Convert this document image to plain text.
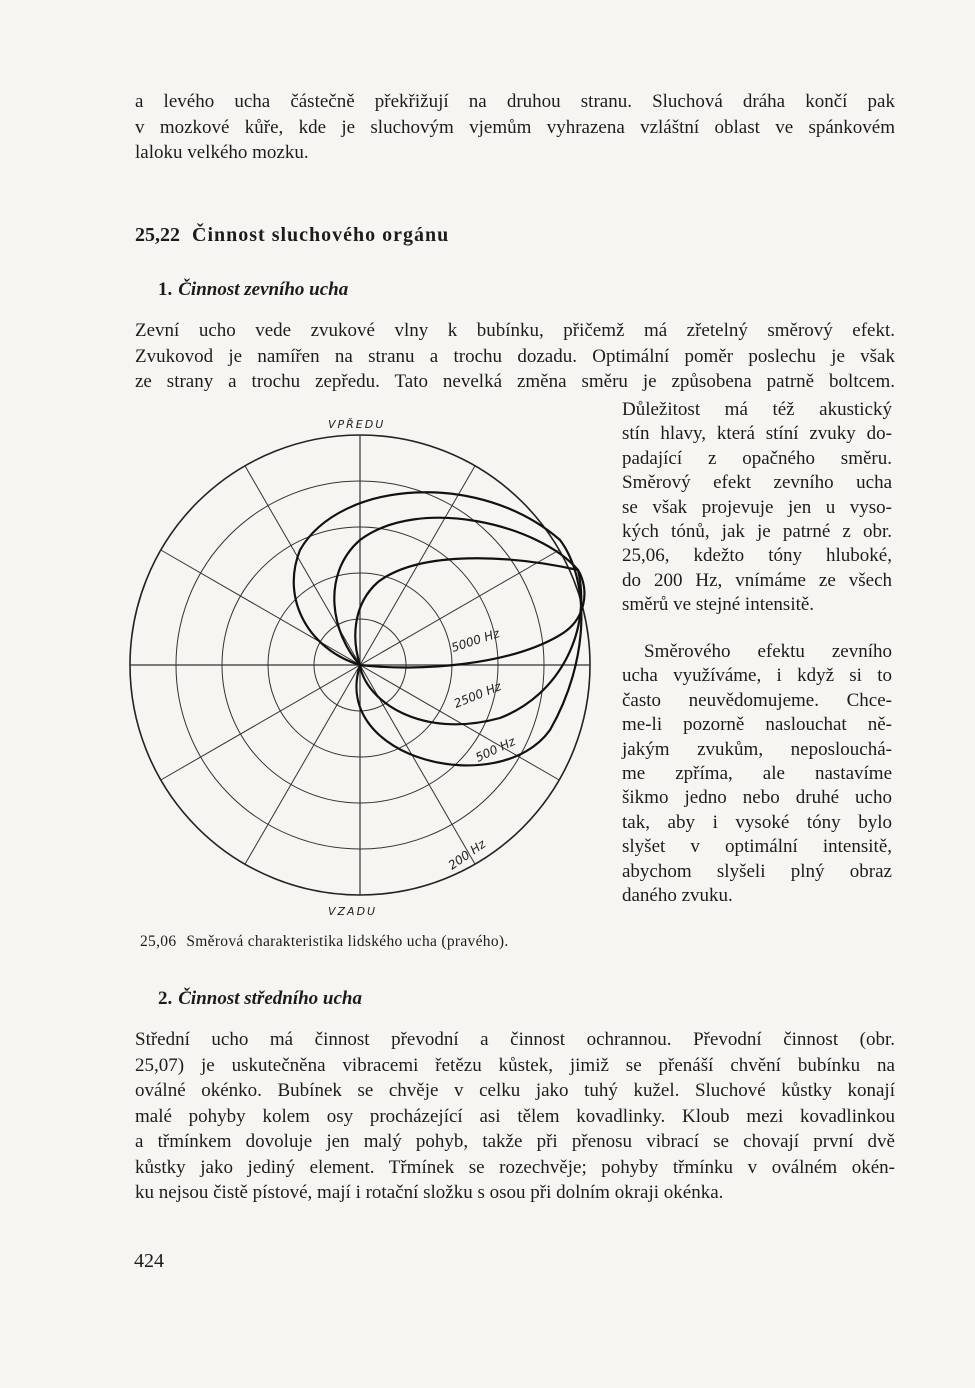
a levého ucha částečně překřižují na druhou stranu. Sluchová dráha končí pak
v mozkové kůře, kde je sluchovým vjemům vyhrazena vzláštní oblast ve spánkovém
laloku velkého mozku.

25,22 Činnost sluchového orgánu
1. Činnost zevního ucha

Zevní ucho vede zvukové vlny k bubínku, přičemž má zřetelný směrový efekt.
Zvukovod je namířen na stranu a trochu dozadu. Optimální poměr poslechu je však
ze strany a trochu zepředu. Tato nevelká změna směru je způsobena patrně boltcem.

Důležitost má též akustický
stín hlavy, která stíní zvuky do-
padající z opačného směru.
Směrový efekt zevního ucha
se však projevuje jen u vyso-
kých tónů, jak je patrné z obr.
25,06, kdežto tóny hluboké,
do 200 Hz, vnímáme ze všech
směrů ve stejné intensitě.

Směrového efektu zevního
ucha využíváme, i když si to
často neuvědomujeme. Chce-
me-li pozorně naslouchat ně-
jakým zvukům, neposlouchá-
me zpříma, ale nastavíme
šikmo jedno nebo druhé ucho
tak, aby i vysoké tóny bylo
slyšet v optimální intensitě,
abychom slyšeli plný obraz
daného zvuku.

VPŘEDU
VZADU
5000 Hz
2500 Hz
500 Hz
200 Hz

25,06 Směrová charakteristika lidského ucha (pravého).

2. Činnost středního ucha

Střední ucho má činnost převodní a činnost ochrannou. Převodní činnost (obr.
25,07) je uskutečněna vibracemi řetězu kůstek, jimiž se přenáší chvění bubínku na
oválné okénko. Bubínek se chvěje v celku jako tuhý kužel. Sluchové kůstky konají
malé pohyby kolem osy procházející asi tělem kovadlinky. Kloub mezi kovadlinkou
a třmínkem dovoluje jen malý pohyb, takže při přenosu vibrací se chovají první dvě
kůstky jako jediný element. Třmínek se rozechvěje; pohyby třmínku v oválném okén-
ku nejsou čistě pístové, mají i rotační složku s osou při dolním okraji okénka.

424
